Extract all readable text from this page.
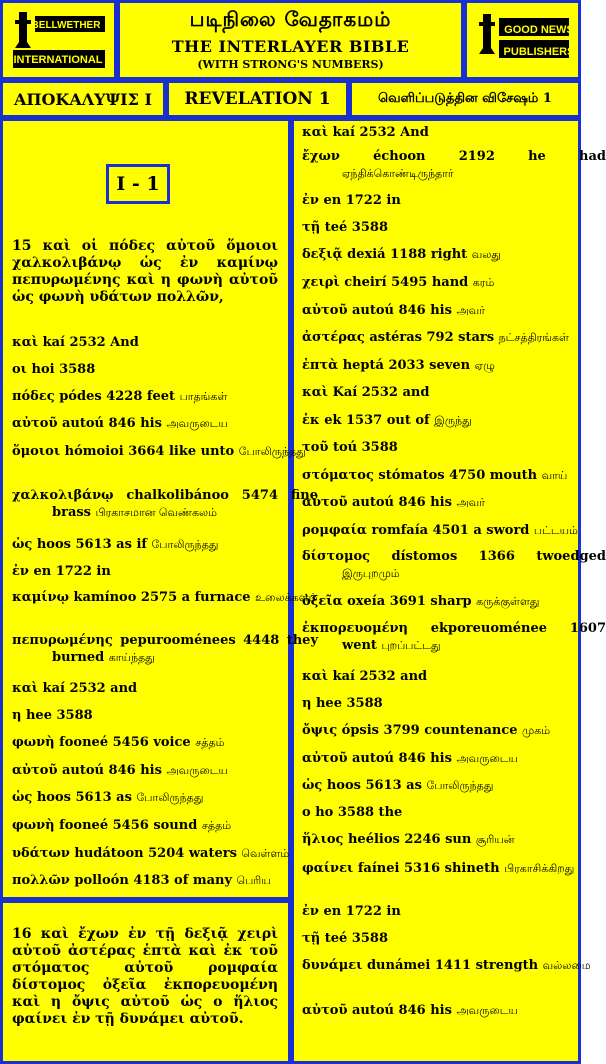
BELLWETHER
INTERNATIONAL
படிநிலை வேதாகமம்
THE INTERLAYER BIBLE
(WITH STRONG'S NUMBERS)
GOOD NEWS
PUBLISHERS
ΑΠΟΚΑΛΥΨΙΣ Ι	REVELATION 1	வெளிப்படுத்தின விசேஷம் 1
I - 1
15 καὶ οἱ πόδες αὐτοῦ ὅμοιοι χαλκολιβάνῳ ὡς ἐν καμίνῳ πεπυρωμένης καὶ η φωνὴ αὐτοῦ ὡς φωνὴ υδάτων πολλῶν,
16 καὶ ἔχων ἐν τῇ δεξιᾷ χειρὶ αὐτοῦ ἀστέρας ἑπτὰ καὶ ἐκ τοῦ στόματος αὐτοῦ ρομφαία δίστομος ὀξεῖα ἐκπορευομένη καὶ η ὄψις αὐτοῦ ὡς ο ἥλιος φαίνει ἐν τῇ δυνάμει αὐτοῦ.
καὶ kaí 2532 And
οι hoi 3588
πόδες pódes 4228 feet பாதங்கள்
αὐτοῦ autoú 846 his அவருடைய
ὅμοιοι hómoioi 3664 like unto போலிருந்தது
χαλκολιβάνῳ chalkolibánoo 5474 fine brass பிரகாசமான வெண்கலம்
ὡς hoos 5613 as if போலிருந்தது
ἐν en 1722 in
καμίνῳ kamínoo 2575 a furnace உலைக்களம்
πεπυρωμένης pepurooménees 4448 they burned காய்ந்தது
καὶ kaí 2532 and
η hee 3588
φωνὴ fooneé 5456 voice சத்தம்
αὐτοῦ autoú 846 his அவருடைய
ὡς hoos 5613 as போலிருந்தது
φωνὴ fooneé 5456 sound சத்தம்
υδάτων hudátoon 5204 waters வெள்ளம்
πολλῶν polloón 4183 of many பெரிய
καὶ kaí 2532 And
ἔχων	échoon 2192 he had ஏந்திக்கொண்டிருந்தார்
ἐν en 1722 in
τῇ teé 3588
δεξιᾷ dexiá 1188 right வலது
χειρὶ cheirí 5495 hand கரம்
αὐτοῦ autoú 846 his அவர்
ἀστέρας astéras 792 stars நட்சத்திரங்கள்
ἑπτὰ heptá 2033 seven ஏழு
καὶ Kaí 2532 and
ἐκ ek 1537 out of இருந்து
τοῦ toú 3588
στόματος stómatos 4750 mouth வாய்
αὐτοῦ autoú 846 his அவர்
ρομφαία romfaía 4501 a sword பட்டயம்
δίστομος dístomos 1366 twoedged இருபுறமும்
ὀξεῖα oxeía 3691 sharp கருக்குள்ளது
ἐκπορευομένη ekporeuoménee 1607 went புறப்பட்டது
καὶ kaí 2532 and
η hee 3588
ὄψις ópsis 3799 countenance முகம்
αὐτοῦ autoú 846 his அவருடைய
ὡς hoos 5613 as போலிருந்தது
ο ho 3588 the
ἥλιος heélios 2246 sun சூரியன்
φαίνει faínei 5316 shineth பிரகாசிக்கிறது
ἐν en 1722 in
τῇ teé 3588
δυνάμει dunámei 1411 strength வல்லமை
αὐτοῦ autoú 846 his அவருடைய
